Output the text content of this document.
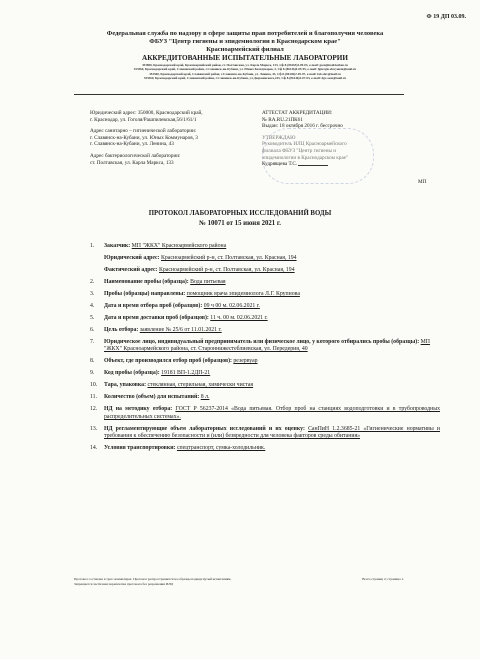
Ф 19 ДП 03.09.
Федеральная служба по надзору в сфере защиты прав потребителей и благополучия человека
ФБУЗ "Центр гигиены и эпидемиологии в Краснодарском крае"
Красноармейский филиал
АККРЕДИТОВАННЫЕ ИСПЫТАТЕЛЬНЫЕ ЛАБОРАТОРИИ
353800, Краснодарский край, Красноармейский район, ст. Полтавская, ул. Карла Маркса, 133, т/ф 8-(86165)4-09-03, e-mail: gsen@mail.kuban.ru
353560, Краснодарский край, Славянский район, г.Славянск-на-Кубани, ул. Юных Коммунаров, 3, т/ф 8-(86146)4-09-95, e-mail: fguzcgie-slavyansk@mail.ru
353560, Краснодарский край, Славянский район, г.Славянск-на-Кубани, ул. Ленина, 43, т/ф 8-(86146)2-05-07, e-mail: lab-slav@mail.ru
353560, Краснодарский край, Славянский район, г.Славянск-на-Кубани, ул.Дзержинского,243, т/ф 8-(86146)4-07-03, e-mail: dgc-sosn@mail.ru
Юридический адрес: 350000, Краснодарский край,
г. Краснодар, ул. Гоголя/Рашпилевская,56/1/61/1
Адрес санитарно – гигиенической лаборатории:
г. Славянск-на-Кубани, ул. Юных Коммунаров, 3
г. Славянск-на-Кубани, ул. Ленина, 43
Адрес бактериологической лаборатории:
ст. Полтавская, ул. Карла Маркса, 133
АТТЕСТАТ АККРЕДИТАЦИИ:
№ RA.RU.21ПК61
Выдан: 18 октября 2016 г. бессрочно
УТВЕРЖДАЮ
Руководитель ИЛЦ Красноармейского
филиала ФБУЗ "Центр гигиены и
эпидемиологии в Краснодарском крае"
Кудрявцева Т.С.
МП
ПРОТОКОЛ ЛАБОРАТОРНЫХ ИССЛЕДОВАНИЙ ВОДЫ
№ 10071 от 15 июня 2021 г.
1.	Заказчик: МП "ЖКХ" Красноармейского района
Юридический адрес: Красноармейский р-н, ст. Полтавская, ул. Красная, 194
Фактический адрес: Красноармейский р-н, ст. Полтавская, ул. Красная, 194
2.	Наименование пробы (образца): Вода питьевая
3.	Пробы (образцы) направлены: помощник врача эпидемиолога Л.Г. Крупнова
4.	Дата и время отбора проб (образцов): 09 ч 00 м. 02.06.2021 г.
5.	Дата и время доставки проб (образцов): 11 ч. 00 м. 02.06.2021 г.
6.	Цель отбора: заявление № 25/6 от 11.01.2021 г.
7.	Юридическое лицо, индивидуальный предприниматель или физическое лицо, у которого отбирались пробы (образцы): МП "ЖКХ" Красноармейского района, ст. Староннижестеблиевская, ул. Передерия, 40
8.	Объект, где производился отбор проб (образцов): резервуар
9.	Код пробы (образца): 19181 ВП-1.2ДП-21
10.	Тара, упаковка: стеклянная, стерильная, химически чистая
11.	Количество (объем) для испытаний: 8 л.
12.	НД на методику отбора: ГОСТ Р 56237-2014 «Вода питьевая. Отбор проб на станциях водоподготовки и в трубопроводных распределительных системах».
13.	НД регламентирующие объем лабораторных исследований и их оценку: СанПиН 1.2.3685-21 «Гигиенические нормативы и требования к обеспечению безопасности и (или) безвредности для человека факторов среды обитания»
14.	Условия транспортировки: спецтранспорт, сумка-холодильник.
Протокол составлен в трех экземплярах. Протокол распространяется на образцы подвергнутый испытаниям.
Запрещается частичная перепечатка протокола без разрешения ИЛЦ
Всего страниц 2; страница 1.
